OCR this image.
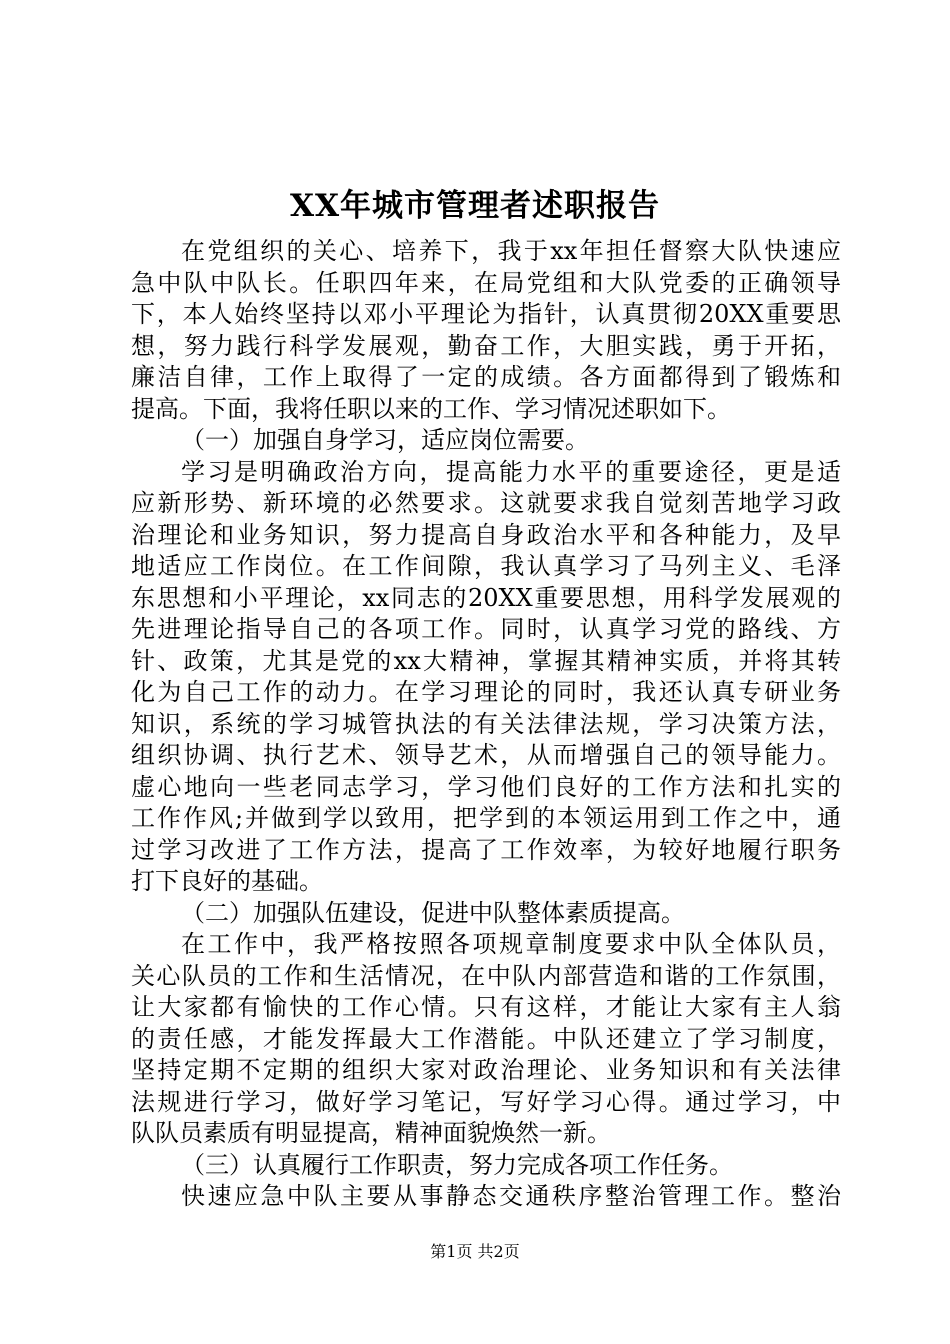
XX年城市管理者述职报告
在党组织的关心、培养下，我于xx年担任督察大队快速应
急中队中队长。任职四年来，在局党组和大队党委的正确领导
下，本人始终坚持以邓小平理论为指针，认真贯彻20XX重要思
想，努力践行科学发展观，勤奋工作，大胆实践，勇于开拓，
廉洁自律，工作上取得了一定的成绩。各方面都得到了锻炼和
提高。下面，我将任职以来的工作、学习情况述职如下。
（一）加强自身学习，适应岗位需要。
学习是明确政治方向，提高能力水平的重要途径，更是适
应新形势、新环境的必然要求。这就要求我自觉刻苦地学习政
治理论和业务知识，努力提高自身政治水平和各种能力，及早
地适应工作岗位。在工作间隙，我认真学习了马列主义、毛泽
东思想和小平理论，xx同志的20XX重要思想，用科学发展观的
先进理论指导自己的各项工作。同时，认真学习党的路线、方
针、政策，尤其是党的xx大精神，掌握其精神实质，并将其转
化为自己工作的动力。在学习理论的同时，我还认真专研业务
知识，系统的学习城管执法的有关法律法规，学习决策方法，
组织协调、执行艺术、领导艺术，从而增强自己的领导能力。
虚心地向一些老同志学习，学习他们良好的工作方法和扎实的
工作作风;并做到学以致用，把学到的本领运用到工作之中，通
过学习改进了工作方法，提高了工作效率，为较好地履行职务
打下良好的基础。
（二）加强队伍建设，促进中队整体素质提高。
在工作中，我严格按照各项规章制度要求中队全体队员，
关心队员的工作和生活情况，在中队内部营造和谐的工作氛围，
让大家都有愉快的工作心情。只有这样，才能让大家有主人翁
的责任感，才能发挥最大工作潜能。中队还建立了学习制度，
坚持定期不定期的组织大家对政治理论、业务知识和有关法律
法规进行学习，做好学习笔记，写好学习心得。通过学习，中
队队员素质有明显提高，精神面貌焕然一新。
（三）认真履行工作职责，努力完成各项工作任务。
快速应急中队主要从事静态交通秩序整治管理工作。整治
第1页 共2页
